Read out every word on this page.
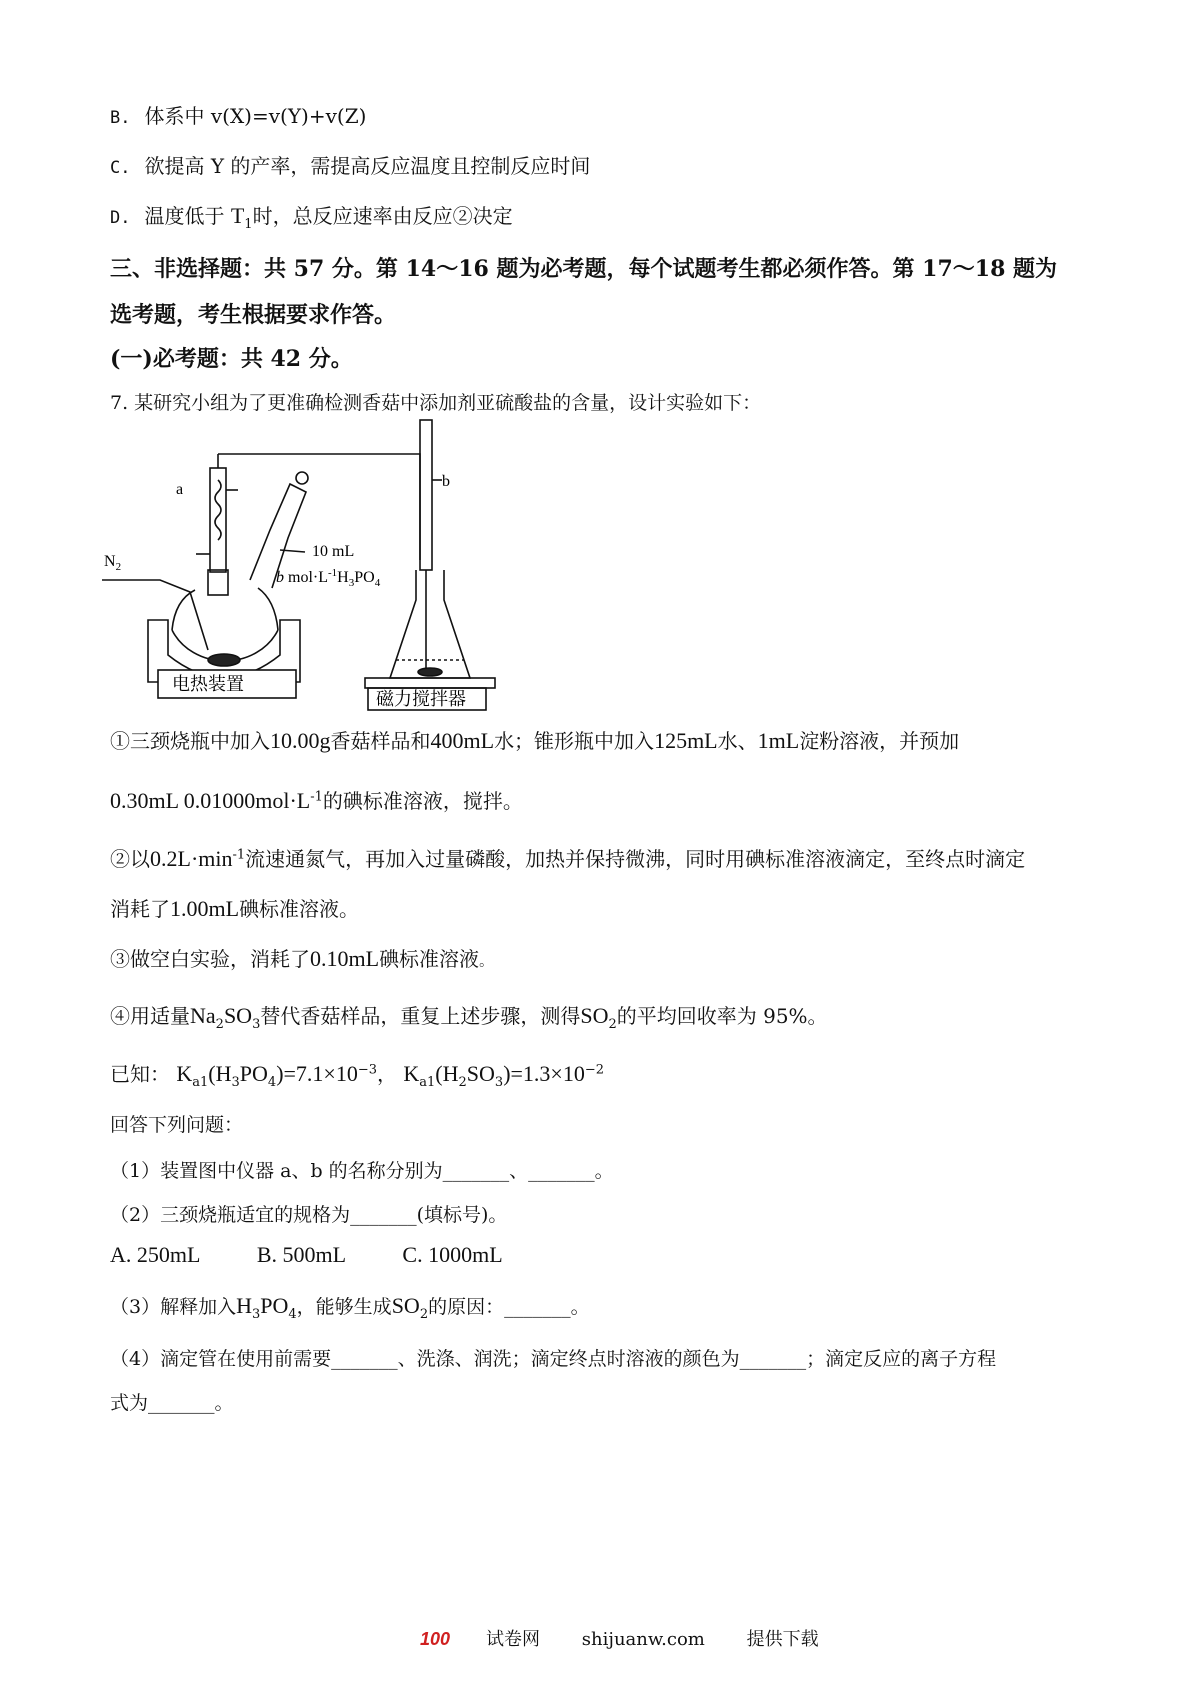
B. 体系中 v(X)=v(Y)+v(Z)
C. 欲提高 Y 的产率，需提高反应温度且控制反应时间
D. 温度低于 $T_1$时，总反应速率由反应②决定
三、非选择题：共 57 分。第 14～16 题为必考题，每个试题考生都必须作答。第 17～18 题为
选考题，考生根据要求作答。
(一)必考题：共 42 分。
7. 某研究小组为了更准确检测香菇中添加剂亚硫酸盐的含量，设计实验如下：
a	b
$N_2$
10 mL
b $mol\cdot L^{-1}H_3PO_4$
电热装置
磁力搅拌器
①三颈烧瓶中加入10.00g香菇样品和400mL水；锥形瓶中加入125mL水、1mL淀粉溶液，并预加
0.30mL $0.01000mol\cdot L^{-1}$的碘标准溶液，搅拌。
②以$0.2L\cdot\min^{-1}$流速通氮气，再加入过量磷酸，加热并保持微沸，同时用碘标准溶液滴定，至终点时滴定
消耗了1.00mL碘标准溶液。
③做空白实验，消耗了0.10mL碘标准溶液。
④用适量$Na_2SO_3$替代香菇样品，重复上述步骤，测得$SO_2$的平均回收率为 95%。
已知： $K_{a1}(H_3PO_4)=7.1\times 10^{-3}$， $K_{a1}(H_2SO_3)=1.3\times 10^{-2}$
回答下列问题：
（1）装置图中仪器 a、b 的名称分别为_______、_______。
（2）三颈烧瓶适宜的规格为_______(填标号)。
A. 250mL	B. 500mL	C. 1000mL
（3）解释加入$H_3PO_4$，能够生成$SO_2$的原因：_______。
（4）滴定管在使用前需要_______、洗涤、润洗；滴定终点时溶液的颜色为_______；滴定反应的离子方程
式为_______。
100 试卷网 shijuanw.com 提供下载
